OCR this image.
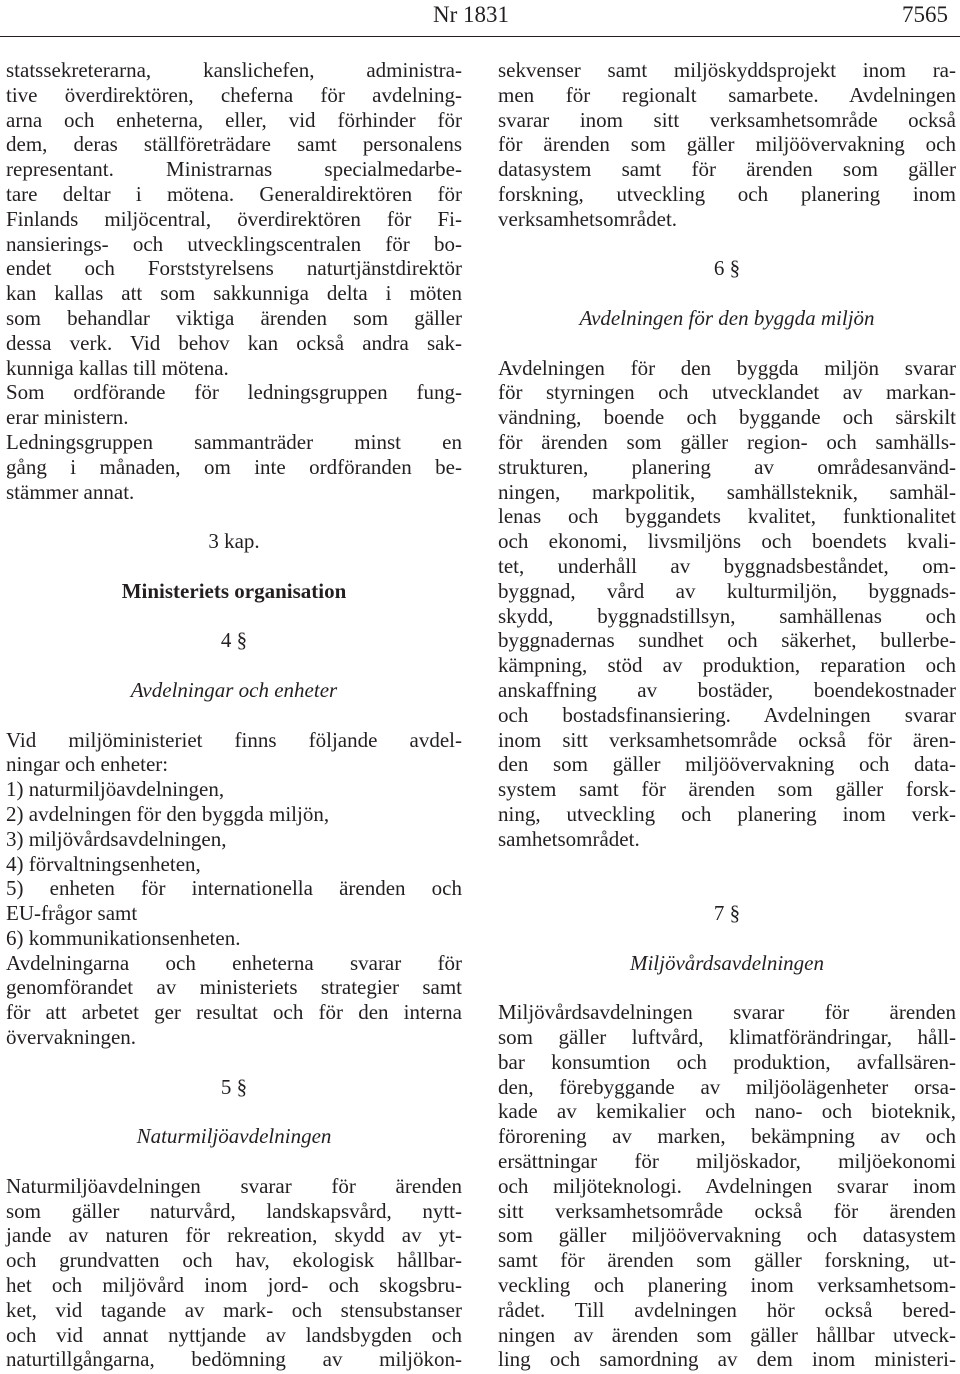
Nr 1831	7565
statssekreterarna, kanslichefen, administra-
tive överdirektören, cheferna för avdelning-
arna och enheterna, eller, vid förhinder för
dem, deras ställföreträdare samt personalens
representant. Ministrarnas specialmedarbe-
tare deltar i mötena. Generaldirektören för
Finlands miljöcentral, överdirektören för Fi-
nansierings- och utvecklingscentralen för bo-
endet och Forststyrelsens naturtjänstdirektör
kan kallas att som sakkunniga delta i möten
som behandlar viktiga ärenden som gäller
dessa verk. Vid behov kan också andra sak-
kunniga kallas till mötena.
Som ordförande för ledningsgruppen fung-
erar ministern.
Ledningsgruppen sammanträder minst en
gång i månaden, om inte ordföranden be-
stämmer annat.
3 kap.
Ministeriets organisation
4 §
Avdelningar och enheter
Vid miljöministeriet finns följande avdel-
ningar och enheter:
1) naturmiljöavdelningen,
2) avdelningen för den byggda miljön,
3) miljövårdsavdelningen,
4) förvaltningsenheten,
5) enheten för internationella ärenden och
EU-frågor samt
6) kommunikationsenheten.
Avdelningarna och enheterna svarar för
genomförandet av ministeriets strategier samt
för att arbetet ger resultat och för den interna
övervakningen.
5 §
Naturmiljöavdelningen
Naturmiljöavdelningen svarar för ärenden
som gäller naturvård, landskapsvård, nytt-
jande av naturen för rekreation, skydd av yt-
och grundvatten och hav, ekologisk hållbar-
het och miljövård inom jord- och skogsbru-
ket, vid tagande av mark- och stensubstanser
och vid annat nyttjande av landsbygden och
naturtillgångarna, bedömning av miljökon-
sekvenser samt miljöskyddsprojekt inom ra-
men för regionalt samarbete. Avdelningen
svarar inom sitt verksamhetsområde också
för ärenden som gäller miljöövervakning och
datasystem samt för ärenden som gäller
forskning, utveckling och planering inom
verksamhetsområdet.
6 §
Avdelningen för den byggda miljön
Avdelningen för den byggda miljön svarar
för styrningen och utvecklandet av markan-
vändning, boende och byggande och särskilt
för ärenden som gäller region- och samhälls-
strukturen, planering av områdesanvänd-
ningen, markpolitik, samhällsteknik, samhäl-
lenas och byggandets kvalitet, funktionalitet
och ekonomi, livsmiljöns och boendets kvali-
tet, underhåll av byggnadsbeståndet, om-
byggnad, vård av kulturmiljön, byggnads-
skydd, byggnadstillsyn, samhällenas och
byggnadernas sundhet och säkerhet, bullerbe-
kämpning, stöd av produktion, reparation och
anskaffning av bostäder, boendekostnader
och bostadsfinansiering. Avdelningen svarar
inom sitt verksamhetsområde också för ären-
den som gäller miljöövervakning och data-
system samt för ärenden som gäller forsk-
ning, utveckling och planering inom verk-
samhetsområdet.
7 §
Miljövårdsavdelningen
Miljövårdsavdelningen svarar för ärenden
som gäller luftvård, klimatförändringar, håll-
bar konsumtion och produktion, avfallsären-
den, förebyggande av miljöolägenheter orsa-
kade av kemikalier och nano- och bioteknik,
förorening av marken, bekämpning av och
ersättningar för miljöskador, miljöekonomi
och miljöteknologi. Avdelningen svarar inom
sitt verksamhetsområde också för ärenden
som gäller miljöövervakning och datasystem
samt för ärenden som gäller forskning, ut-
veckling och planering inom verksamhetsom-
rådet. Till avdelningen hör också bered-
ningen av ärenden som gäller hållbar utveck-
ling och samordning av dem inom ministeri-
